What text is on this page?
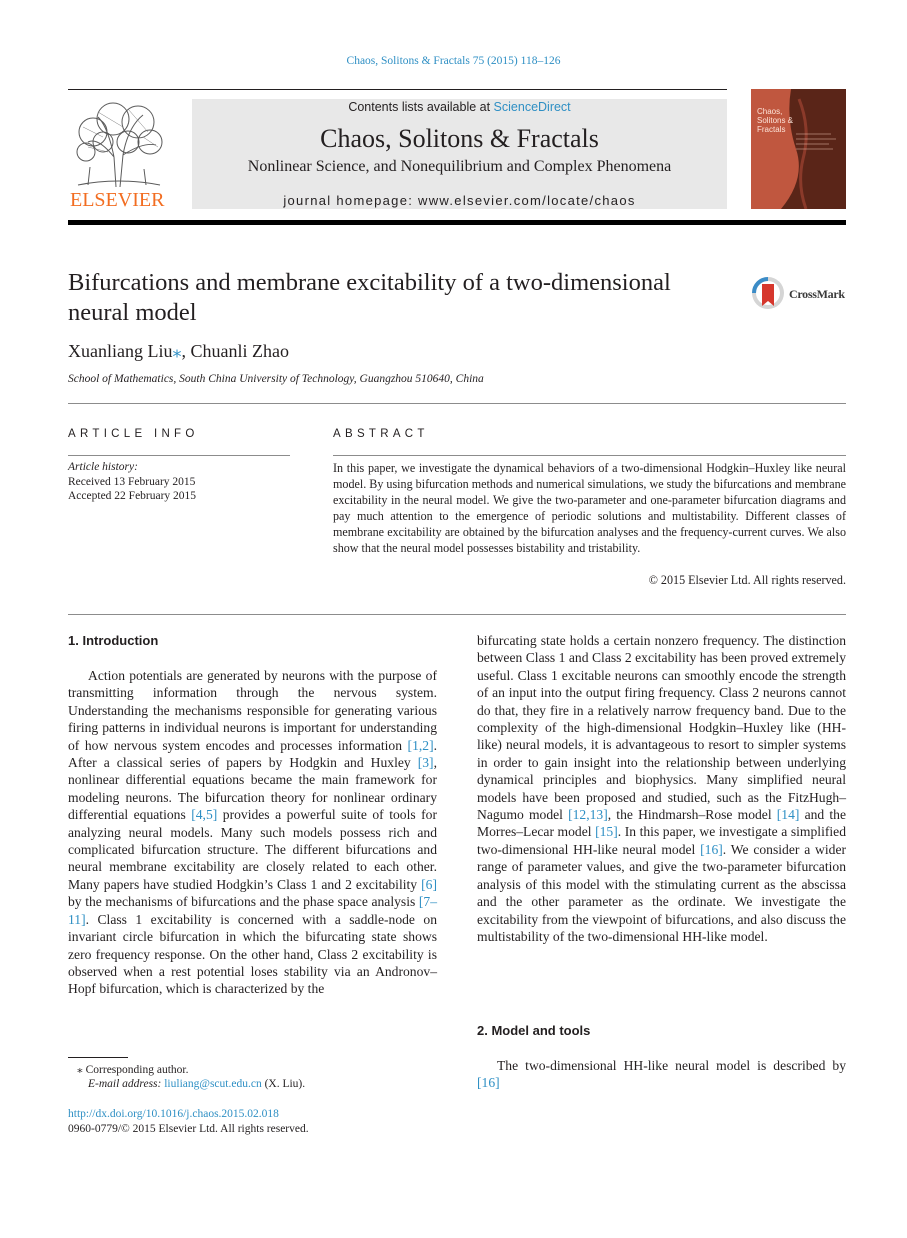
Chaos, Solitons & Fractals 75 (2015) 118–126
ELSEVIER
Contents lists available at ScienceDirect
Chaos, Solitons & Fractals
Nonlinear Science, and Nonequilibrium and Complex Phenomena
journal homepage: www.elsevier.com/locate/chaos
Chaos, Solitons & Fractals
Bifurcations and membrane excitability of a two-dimensional neural model
CrossMark
Xuanliang Liu⁎, Chuanli Zhao
School of Mathematics, South China University of Technology, Guangzhou 510640, China
ARTICLE INFO
Article history:
Received 13 February 2015
Accepted 22 February 2015
ABSTRACT
In this paper, we investigate the dynamical behaviors of a two-dimensional Hodgkin–Huxley like neural model. By using bifurcation methods and numerical simulations, we study the bifurcations and membrane excitability in the neural model. We give the two-parameter and one-parameter bifurcation diagrams and pay much attention to the emergence of periodic solutions and multistability. Different classes of membrane excitability are obtained by the bifurcation analyses and the frequency-current curves. We also show that the neural model possesses bistability and tristability.
© 2015 Elsevier Ltd. All rights reserved.
1. Introduction
Action potentials are generated by neurons with the purpose of transmitting information through the nervous system. Understanding the mechanisms responsible for generating various firing patterns in individual neurons is important for understanding of how nervous system encodes and processes information [1,2]. After a classical series of papers by Hodgkin and Huxley [3], nonlinear differential equations became the main framework for modeling neurons. The bifurcation theory for nonlinear ordinary differential equations [4,5] provides a powerful suite of tools for analyzing neural models. Many such models possess rich and complicated bifurcation structure. The different bifurcations and neural membrane excitability are closely related to each other. Many papers have studied Hodgkin’s Class 1 and 2 excitability [6] by the mechanisms of bifurcations and the phase space analysis [7–11]. Class 1 excitability is concerned with a saddle-node on invariant circle bifurcation in which the bifurcating state shows zero frequency response. On the other hand, Class 2 excitability is observed when a rest potential loses stability via an Andronov–Hopf bifurcation, which is characterized by the
bifurcating state holds a certain nonzero frequency. The distinction between Class 1 and Class 2 excitability has been proved extremely useful. Class 1 excitable neurons can smoothly encode the strength of an input into the output firing frequency. Class 2 neurons cannot do that, they fire in a relatively narrow frequency band. Due to the complexity of the high-dimensional Hodgkin–Huxley like (HH-like) neural models, it is advantageous to resort to simpler systems in order to gain insight into the relationship between underlying dynamical principles and biophysics. Many simplified neural models have been proposed and studied, such as the FitzHugh–Nagumo model [12,13], the Hindmarsh–Rose model [14] and the Morres–Lecar model [15]. In this paper, we investigate a simplified two-dimensional HH-like neural model [16]. We consider a wider range of parameter values, and give the two-parameter bifurcation analysis of this model with the stimulating current as the abscissa and the other parameter as the ordinate. We investigate the excitability from the viewpoint of bifurcations, and also discuss the multistability of the two-dimensional HH-like model.
2. Model and tools
The two-dimensional HH-like neural model is described by [16]
⁎ Corresponding author.
E-mail address: liuliang@scut.edu.cn (X. Liu).
http://dx.doi.org/10.1016/j.chaos.2015.02.018
0960-0779/© 2015 Elsevier Ltd. All rights reserved.
